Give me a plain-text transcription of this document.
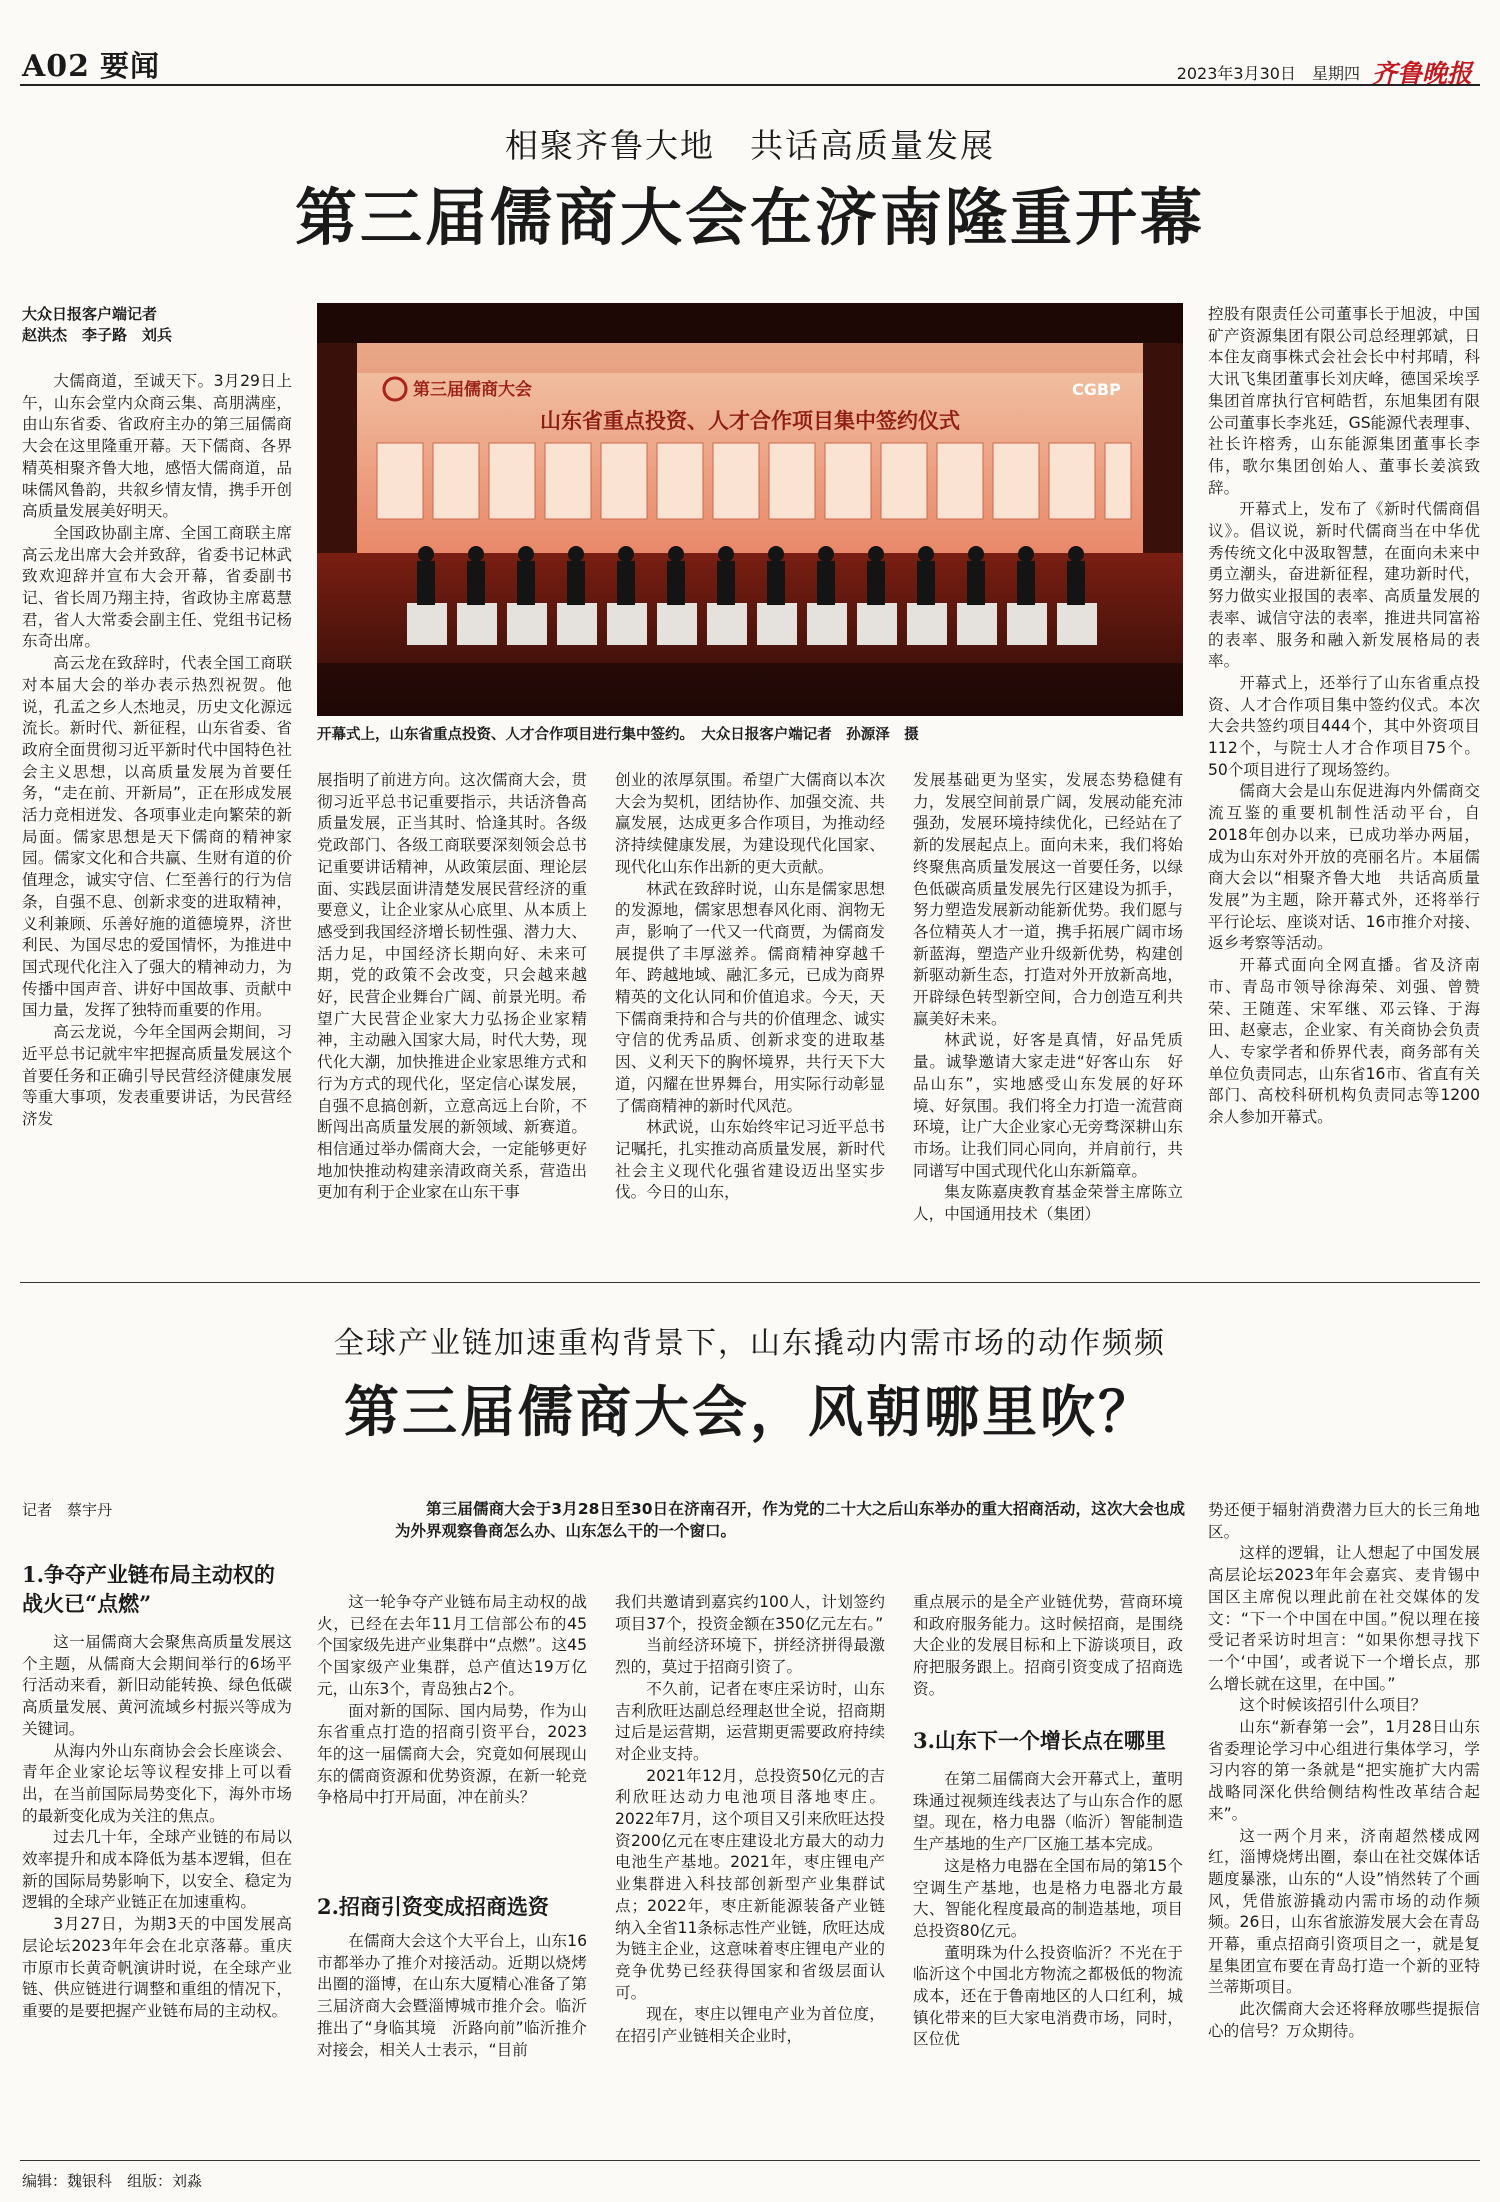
A02 要闻	2023年3月30日　 星期四 齐鲁晚报
相聚齐鲁大地　共话高质量发展
第三届儒商大会在济南隆重开幕
大众日报客户端记者
赵洪杰　李子路　刘兵
第三届儒商大会	CGBP
山东省重点投资、人才合作项目集中签约仪式
开幕式上，山东省重点投资、人才合作项目进行集中签约。　大众日报客户端记者　孙源泽　摄

大儒商道，至诚天下。3月29日上午，山东会堂内众商云集、高朋满座，由山东省委、省政府主办的第三届儒商大会在这里隆重开幕。天下儒商、各界精英相聚齐鲁大地，感悟大儒商道，品味儒风鲁韵，共叙乡情友情，携手开创高质量发展美好明天。

全国政协副主席、全国工商联主席高云龙出席大会并致辞，省委书记林武致欢迎辞并宣布大会开幕，省委副书记、省长周乃翔主持，省政协主席葛慧君，省人大常委会副主任、党组书记杨东奇出席。

高云龙在致辞时，代表全国工商联对本届大会的举办表示热烈祝贺。他说，孔孟之乡人杰地灵，历史文化源远流长。新时代、新征程，山东省委、省政府全面贯彻习近平新时代中国特色社会主义思想，以高质量发展为首要任务，“走在前、开新局”，正在形成发展活力竞相迸发、各项事业走向繁荣的新局面。儒家思想是天下儒商的精神家园。儒家文化和合共赢、生财有道的价值理念，诚实守信、仁至善行的行为信条，自强不息、创新求变的进取精神，义利兼顾、乐善好施的道德境界，济世利民、为国尽忠的爱国情怀，为推进中国式现代化注入了强大的精神动力，为传播中国声音、讲好中国故事、贡献中国力量，发挥了独特而重要的作用。

高云龙说，今年全国两会期间，习近平总书记就牢牢把握高质量发展这个首要任务和正确引导民营经济健康发展等重大事项，发表重要讲话，为民营经济发

展指明了前进方向。这次儒商大会，贯彻习近平总书记重要指示，共话济鲁高质量发展，正当其时、恰逢其时。各级党政部门、各级工商联要深刻领会总书记重要讲话精神，从政策层面、理论层面、实践层面讲清楚发展民营经济的重要意义，让企业家从心底里、从本质上感受到我国经济增长韧性强、潜力大、活力足，中国经济长期向好、未来可期，党的政策不会改变，只会越来越好，民营企业舞台广阔、前景光明。希望广大民营企业家大力弘扬企业家精神，主动融入国家大局，时代大势，现代化大潮，加快推进企业家思维方式和行为方式的现代化，坚定信心谋发展，自强不息搞创新，立意高远上台阶，不断闯出高质量发展的新领域、新赛道。相信通过举办儒商大会，一定能够更好地加快推动构建亲清政商关系，营造出更加有利于企业家在山东干事

创业的浓厚氛围。希望广大儒商以本次大会为契机，团结协作、加强交流、共赢发展，达成更多合作项目，为推动经济持续健康发展，为建设现代化国家、现代化山东作出新的更大贡献。

林武在致辞时说，山东是儒家思想的发源地，儒家思想春风化雨、润物无声，影响了一代又一代商贾，为儒商发展提供了丰厚滋养。儒商精神穿越千年、跨越地域、融汇多元，已成为商界精英的文化认同和价值追求。今天，天下儒商秉持和合与共的价值理念、诚实守信的优秀品质、创新求变的进取基因、义利天下的胸怀境界，共行天下大道，闪耀在世界舞台，用实际行动彰显了儒商精神的新时代风范。

林武说，山东始终牢记习近平总书记嘱托，扎实推动高质量发展，新时代社会主义现代化强省建设迈出坚实步伐。今日的山东，

发展基础更为坚实，发展态势稳健有力，发展空间前景广阔，发展动能充沛强劲，发展环境持续优化，已经站在了新的发展起点上。面向未来，我们将始终聚焦高质量发展这一首要任务，以绿色低碳高质量发展先行区建设为抓手，努力塑造发展新动能新优势。我们愿与各位精英人才一道，携手拓展广阔市场新蓝海，塑造产业升级新优势，构建创新驱动新生态，打造对外开放新高地，开辟绿色转型新空间，合力创造互利共赢美好未来。

林武说，好客是真情，好品凭质量。诚挚邀请大家走进“好客山东　好品山东”，实地感受山东发展的好环境、好氛围。我们将全力打造一流营商环境，让广大企业家心无旁骛深耕山东市场。让我们同心同向，并肩前行，共同谱写中国式现代化山东新篇章。

集友陈嘉庚教育基金荣誉主席陈立人，中国通用技术（集团）

控股有限责任公司董事长于旭波，中国矿产资源集团有限公司总经理郭斌，日本住友商事株式会社会长中村邦晴，科大讯飞集团董事长刘庆峰，德国采埃孚集团首席执行官柯皓哲，东旭集团有限公司董事长李兆廷，GS能源代表理事、社长许榕秀，山东能源集团董事长李伟，歌尔集团创始人、董事长姜滨致辞。

开幕式上，发布了《新时代儒商倡议》。倡议说，新时代儒商当在中华优秀传统文化中汲取智慧，在面向未来中勇立潮头，奋进新征程，建功新时代，努力做实业报国的表率、高质量发展的表率、诚信守法的表率，推进共同富裕的表率、服务和融入新发展格局的表率。

开幕式上，还举行了山东省重点投资、人才合作项目集中签约仪式。本次大会共签约项目444个，其中外资项目112个，与院士人才合作项目75个。50个项目进行了现场签约。

儒商大会是山东促进海内外儒商交流互鉴的重要机制性活动平台，自2018年创办以来，已成功举办两届，成为山东对外开放的亮丽名片。本届儒商大会以“相聚齐鲁大地　共话高质量发展”为主题，除开幕式外，还将举行平行论坛、座谈对话、16市推介对接、返乡考察等活动。

开幕式面向全网直播。省及济南市、青岛市领导徐海荣、刘强、曾赞荣、王随莲、宋军继、邓云锋、于海田、赵豪志，企业家、有关商协会负责人、专家学者和侨界代表，商务部有关单位负责同志，山东省16市、省直有关部门、高校科研机构负责同志等1200余人参加开幕式。

全球产业链加速重构背景下，山东撬动内需市场的动作频频
第三届儒商大会，风朝哪里吹？
记者　蔡宇丹	第三届儒商大会于3月28日至30日在济南召开，作为党的二十大之后山东举办的重大招商活动，这次大会也成为外界观察鲁商怎么办、山东怎么干的一个窗口。
1.争夺产业链布局主动权的战火已“点燃”

这一届儒商大会聚焦高质量发展这个主题，从儒商大会期间举行的6场平行活动来看，新旧动能转换、绿色低碳高质量发展、黄河流域乡村振兴等成为关键词。

从海内外山东商协会会长座谈会、青年企业家论坛等议程安排上可以看出，在当前国际局势变化下，海外市场的最新变化成为关注的焦点。

过去几十年，全球产业链的布局以效率提升和成本降低为基本逻辑，但在新的国际局势影响下，以安全、稳定为逻辑的全球产业链正在加速重构。

3月27日，为期3天的中国发展高层论坛2023年年会在北京落幕。重庆市原市长黄奇帆演讲时说，在全球产业链、供应链进行调整和重组的情况下，重要的是要把握产业链布局的主动权。

这一轮争夺产业链布局主动权的战火，已经在去年11月工信部公布的45个国家级先进产业集群中“点燃”。这45个国家级产业集群，总产值达19万亿元，山东3个，青岛独占2个。

面对新的国际、国内局势，作为山东省重点打造的招商引资平台，2023年的这一届儒商大会，究竟如何展现山东的儒商资源和优势资源，在新一轮竞争格局中打开局面，冲在前头？

2.招商引资变成招商选资

在儒商大会这个大平台上，山东16市都举办了推介对接活动。近期以烧烤出圈的淄博，在山东大厦精心准备了第三届济商大会暨淄博城市推介会。临沂推出了“身临其境　沂路向前”临沂推介对接会，相关人士表示，“目前

我们共邀请到嘉宾约100人，计划签约项目37个，投资金额在350亿元左右。”

当前经济环境下，拼经济拼得最激烈的，莫过于招商引资了。

不久前，记者在枣庄采访时，山东吉利欣旺达副总经理赵世全说，招商期过后是运营期，运营期更需要政府持续对企业支持。

2021年12月，总投资50亿元的吉利欣旺达动力电池项目落地枣庄。2022年7月，这个项目又引来欣旺达投资200亿元在枣庄建设北方最大的动力电池生产基地。2021年，枣庄锂电产业集群进入科技部创新型产业集群试点；2022年，枣庄新能源装备产业链纳入全省11条标志性产业链，欣旺达成为链主企业，这意味着枣庄锂电产业的竞争优势已经获得国家和省级层面认可。

现在，枣庄以锂电产业为首位度，在招引产业链相关企业时，

重点展示的是全产业链优势，营商环境和政府服务能力。这时候招商，是围绕大企业的发展目标和上下游谈项目，政府把服务跟上。招商引资变成了招商选资。

3.山东下一个增长点在哪里

在第二届儒商大会开幕式上，董明珠通过视频连线表达了与山东合作的愿望。现在，格力电器（临沂）智能制造生产基地的生产厂区施工基本完成。

这是格力电器在全国布局的第15个空调生产基地，也是格力电器北方最大、智能化程度最高的制造基地，项目总投资80亿元。

董明珠为什么投资临沂？不光在于临沂这个中国北方物流之都极低的物流成本，还在于鲁南地区的人口红利，城镇化带来的巨大家电消费市场，同时，区位优

势还便于辐射消费潜力巨大的长三角地区。

这样的逻辑，让人想起了中国发展高层论坛2023年年会嘉宾、麦肯锡中国区主席倪以理此前在社交媒体的发文：“下一个中国在中国。”倪以理在接受记者采访时坦言：“如果你想寻找下一个‘中国’，或者说下一个增长点，那么增长就在这里，在中国。”

这个时候该招引什么项目？

山东“新春第一会”，1月28日山东省委理论学习中心组进行集体学习，学习内容的第一条就是“把实施扩大内需战略同深化供给侧结构性改革结合起来”。

这一两个月来，济南超然楼成网红，淄博烧烤出圈，泰山在社交媒体话题度暴涨，山东的“人设”悄然转了个画风，凭借旅游撬动内需市场的动作频频。26日，山东省旅游发展大会在青岛开幕，重点招商引资项目之一，就是复星集团宣布要在青岛打造一个新的亚特兰蒂斯项目。

此次儒商大会还将释放哪些提振信心的信号？万众期待。

编辑：魏银科　 组版：刘淼
